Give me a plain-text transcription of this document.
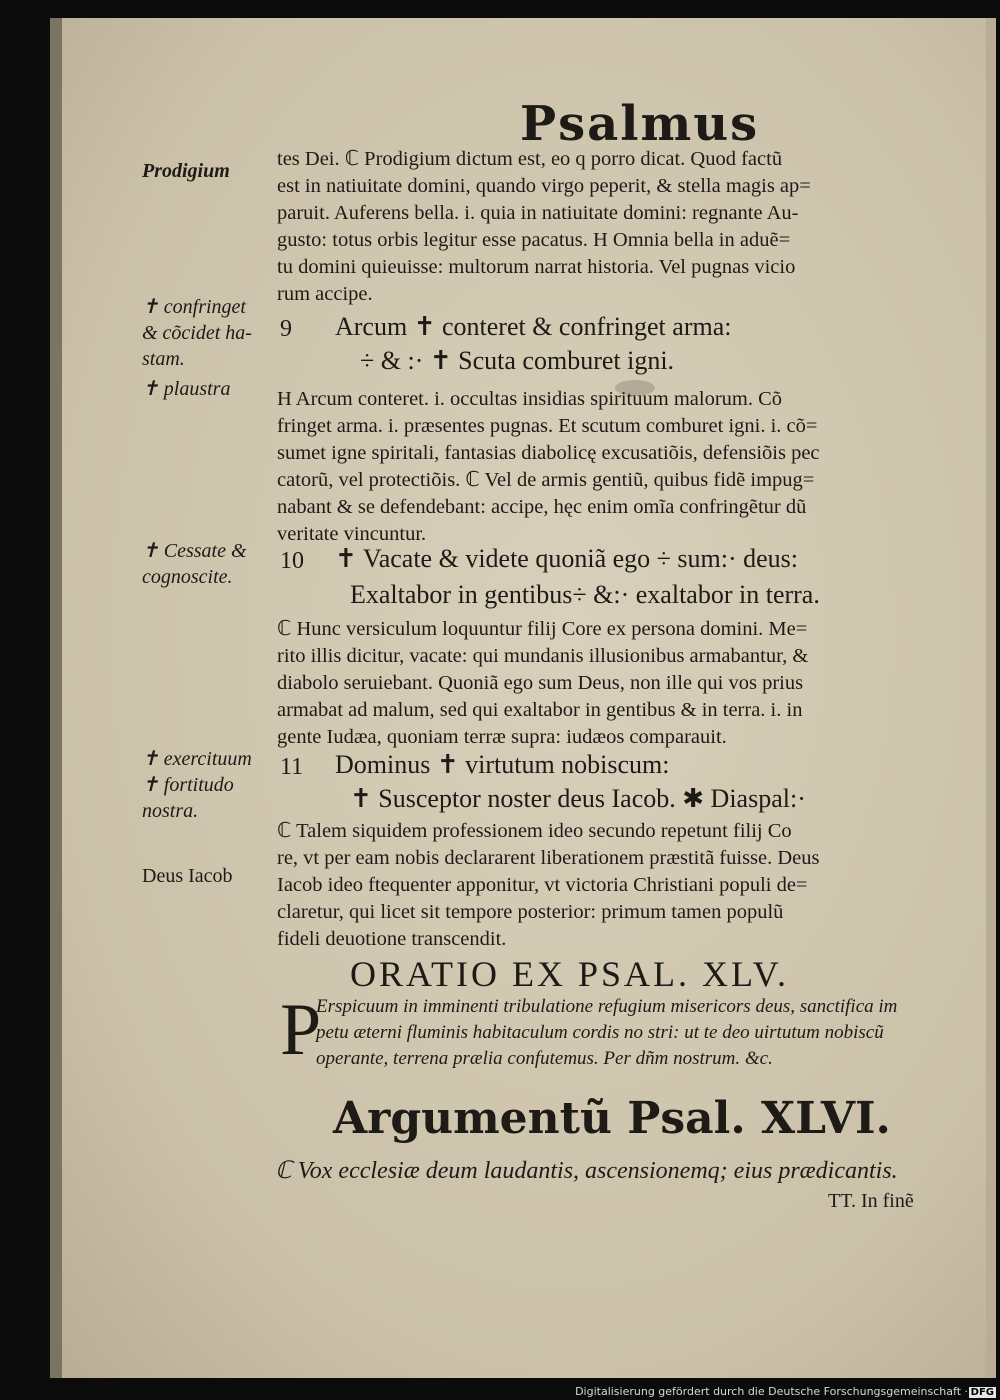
Psalmus
Prodigium
✝ confringet
& cõcidet ha-
stam.
✝ plaustra
✝ Cessate &
cognoscite.
✝ exercituum
✝ fortitudo
nostra.
Deus Iacob
tes Dei. ℂ Prodigium dictum est, eo q porro dicat. Quod factũ
est in natiuitate domini, quando virgo peperit, & stella magis ap=
paruit. Auferens bella. i. quia in natiuitate domini: regnante Au-
gusto: totus orbis legitur esse pacatus. H Omnia bella in aduẽ=
tu domini quieuisse: multorum narrat historia. Vel pugnas vicio
rum accipe.
9 Arcum ✝ conteret & confringet arma:
÷ & :· ✝ Scuta comburet igni.
H Arcum conteret. i. occultas insidias spirituum malorum. Cõ
fringet arma. i. præsentes pugnas. Et scutum comburet igni. i. cõ=
sumet igne spiritali, fantasias diabolicę excusatiõis, defensiõis pec
catorũ, vel protectiõis. ℂ Vel de armis gentiũ, quibus fidẽ impug=
nabant & se defendebant: accipe, hęc enim omĩa confringẽtur dũ
veritate vincuntur.
10 ✝ Vacate & videte quoniã ego ÷ sum:· deus:
Exaltabor in gentibus÷ &:· exaltabor in terra.
ℂ Hunc versiculum loquuntur filij Core ex persona domini. Me=
rito illis dicitur, vacate: qui mundanis illusionibus armabantur, &
diabolo seruiebant. Quoniã ego sum Deus, non ille qui vos prius
armabat ad malum, sed qui exaltabor in gentibus & in terra. i. in
gente Iudæa, quoniam terræ supra: iudæos comparauit.
11 Dominus ✝ virtutum nobiscum:
✝ Susceptor noster deus Iacob. ✱ Diaspal:·
ℂ Talem siquidem professionem ideo secundo repetunt filij Co
re, vt per eam nobis declararent liberationem præstitã fuisse. Deus
Iacob ideo ftequenter apponitur, vt victoria Christiani populi de=
claretur, qui licet sit tempore posterior: primum tamen populũ
fideli deuotione transcendit.
ORATIO EX PSAL. XLV.
P
Erspicuum in imminenti tribulatione refugium misericors deus, sanctifica im
petu æterni fluminis habitaculum cordis no stri: ut te deo uirtutum nobiscũ
operante, terrena prælia confutemus. Per dñm nostrum. &c.
Argumentũ Psal. XLVI.
ℂ Vox ecclesiæ deum laudantis, ascensionemq; eius prædicantis.
TT. In finẽ
Digitalisierung gefördert durch die Deutsche Forschungsgemeinschaft · DFG
